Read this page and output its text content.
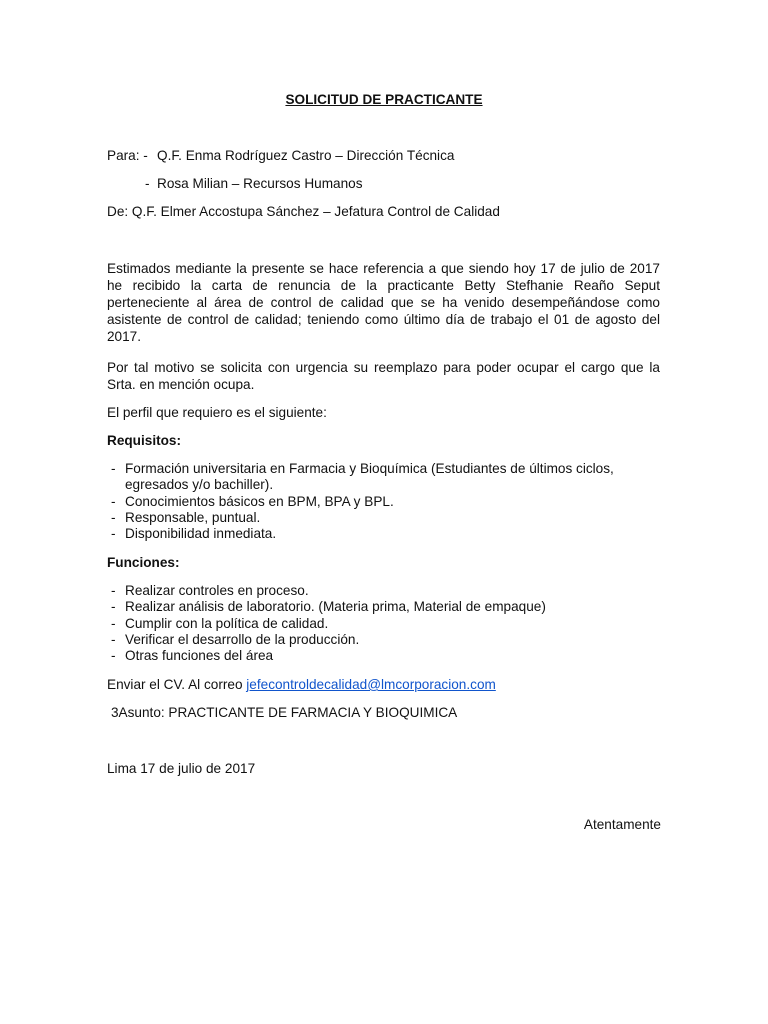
SOLICITUD DE PRACTICANTE
Para: - Q.F. Enma Rodríguez Castro – Dirección Técnica
- Rosa Milian – Recursos Humanos
De: Q.F. Elmer Accostupa Sánchez – Jefatura Control de Calidad
Estimados mediante la presente se hace referencia a que siendo hoy 17 de julio de 2017 he recibido la carta de renuncia de la practicante Betty Stefhanie Reaño Seput perteneciente al área de control de calidad que se ha venido desempeñándose como asistente de control de calidad; teniendo como último día de trabajo el 01 de agosto del 2017.
Por tal motivo se solicita con urgencia su reemplazo para poder ocupar el cargo que la Srta. en mención ocupa.
El perfil que requiero es el siguiente:
Requisitos:
- Formación universitaria en Farmacia y Bioquímica (Estudiantes de últimos ciclos, egresados y/o bachiller).
- Conocimientos básicos en BPM, BPA y BPL.
- Responsable, puntual.
- Disponibilidad inmediata.
Funciones:
- Realizar controles en proceso.
- Realizar análisis de laboratorio. (Materia prima, Material de empaque)
- Cumplir con la política de calidad.
- Verificar el desarrollo de la producción.
- Otras funciones del área
Enviar el CV. Al correo jefecontroldecalidad@lmcorporacion.com
3Asunto: PRACTICANTE DE FARMACIA Y BIOQUIMICA
Lima 17 de julio de 2017
Atentamente
